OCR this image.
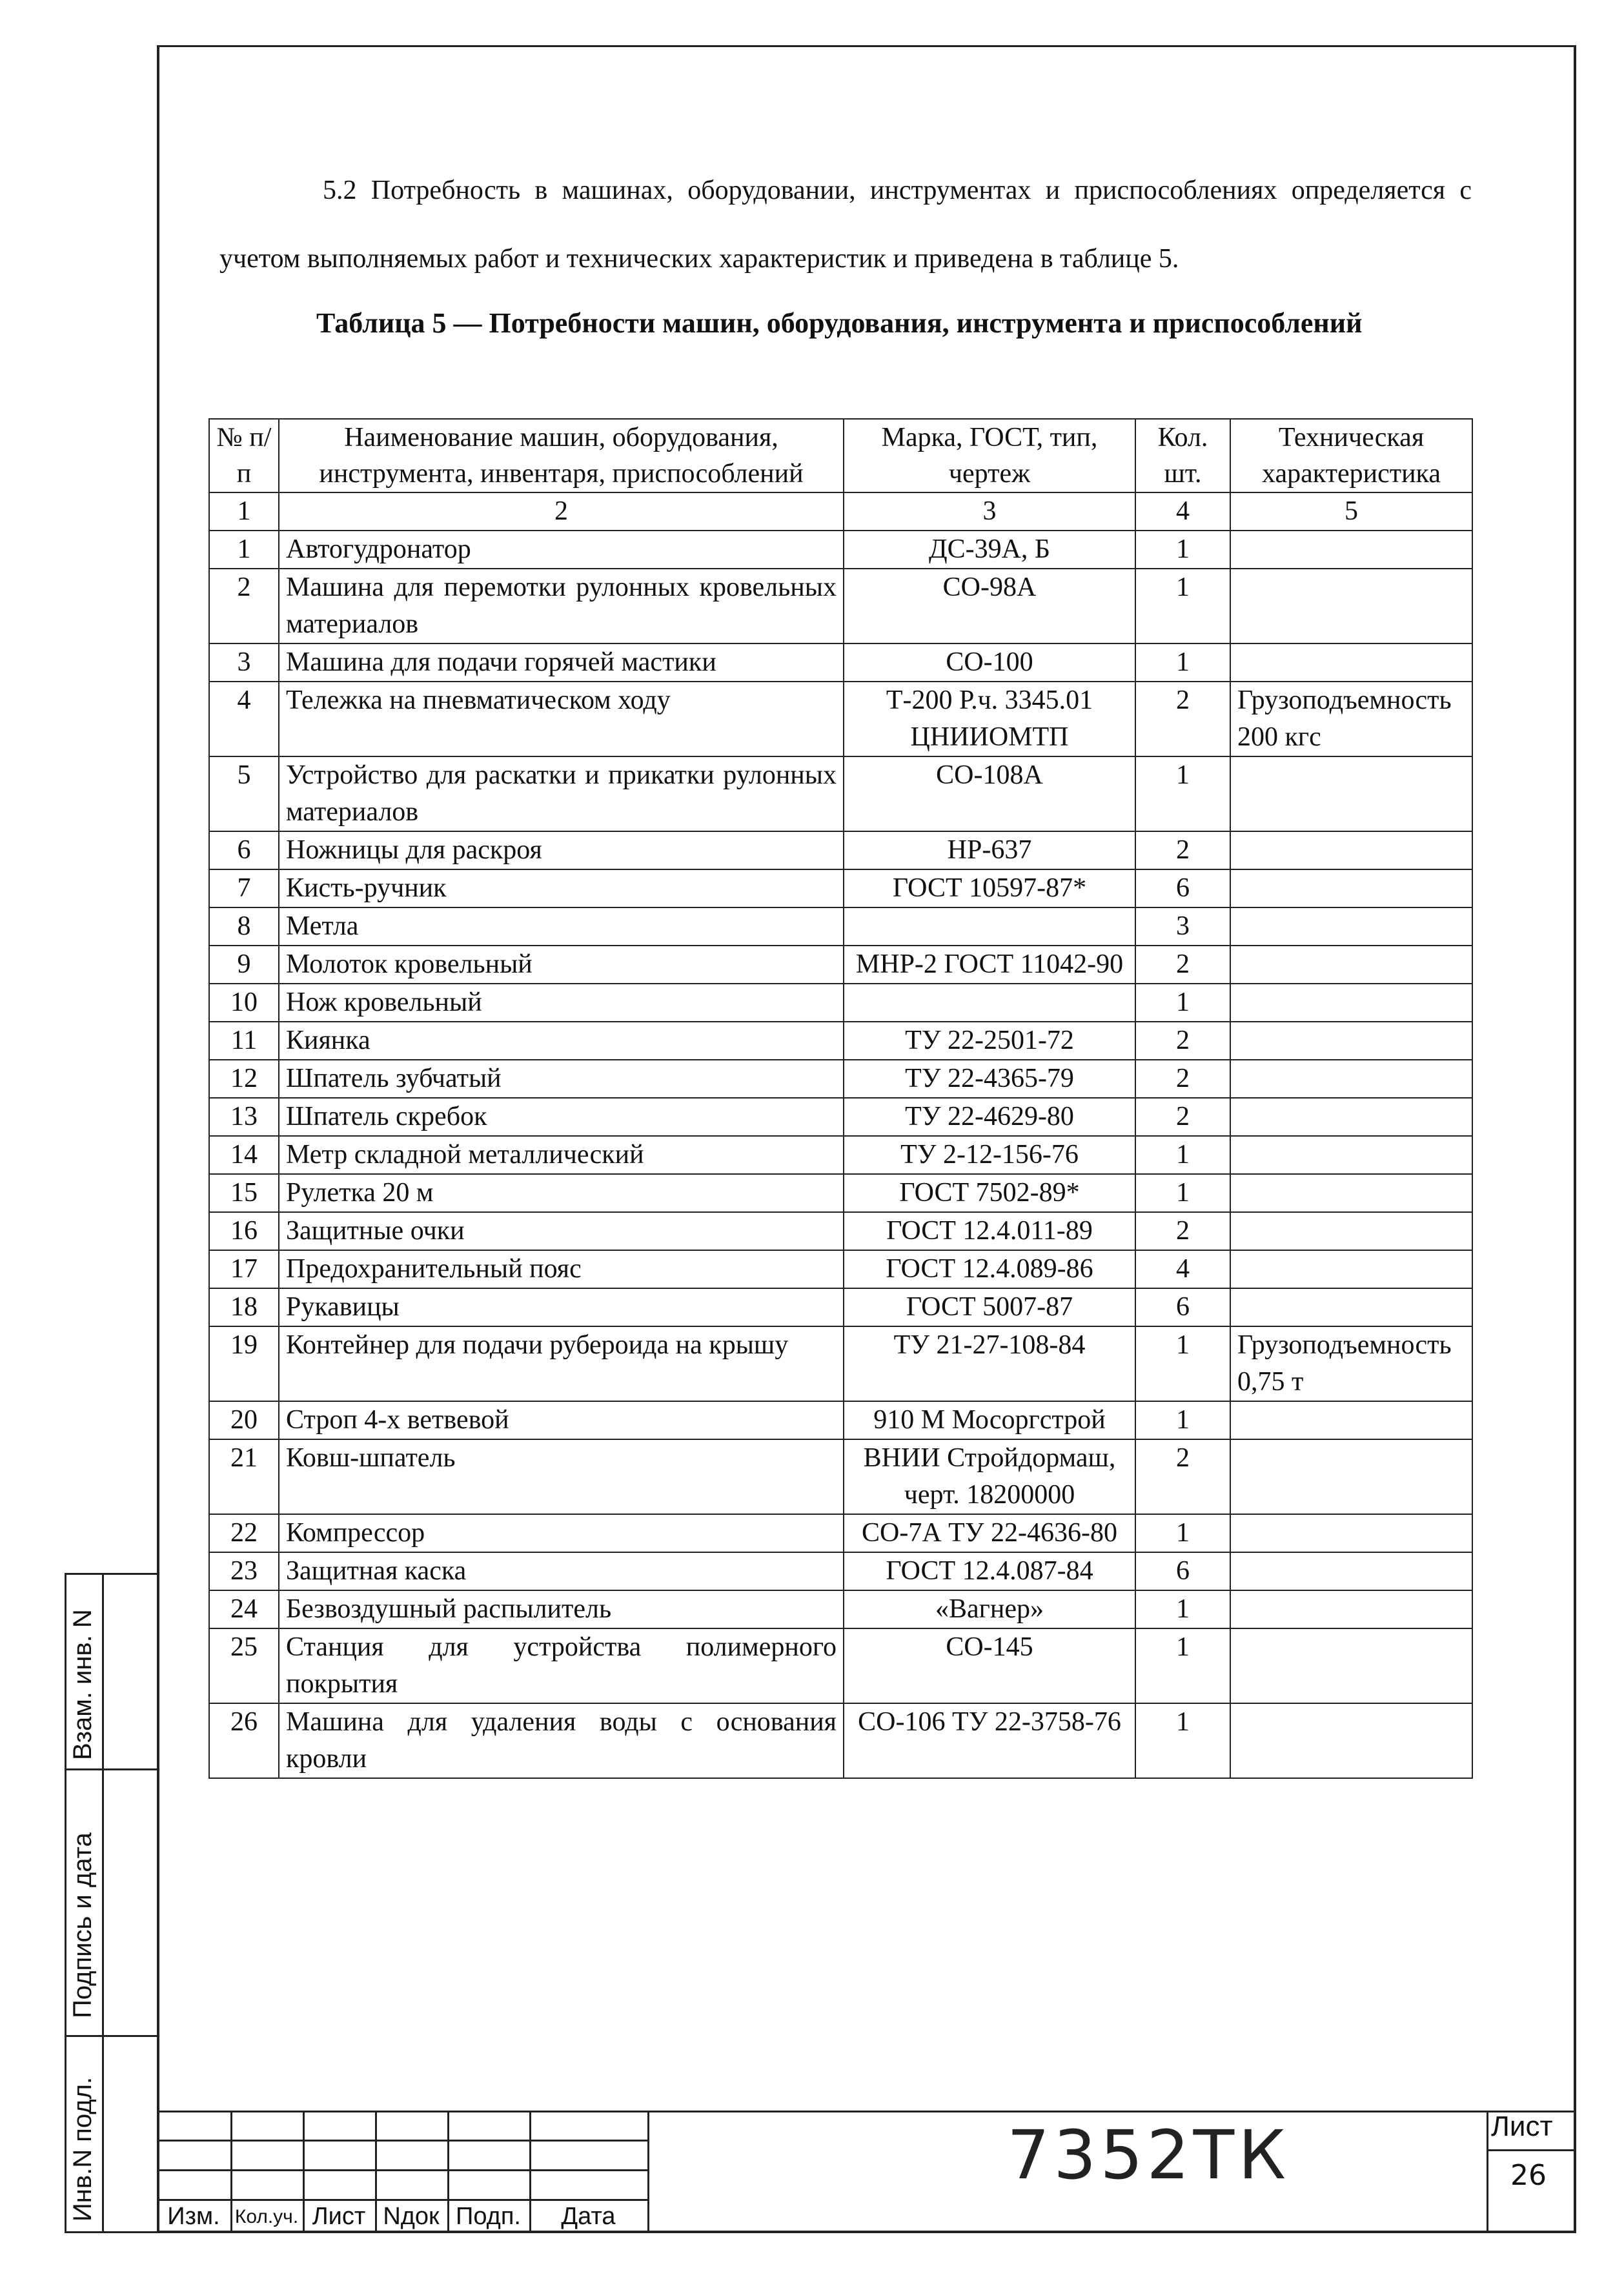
5.2 Потребность в машинах, оборудовании, инструментах и приспособлениях определяется с учетом выполняемых работ и технических характеристик и приведена в таблице 5.

Таблица 5 — Потребности машин, оборудования, инструмента и приспособлений
№ п/п	Наименование машин, оборудования, инструмента, инвентаря, приспособлений	Марка, ГОСТ, тип, чертеж	Кол. шт.	Техническая характеристика
1	2	3	4	5
1	Автогудронатор	ДС-39А, Б	1	
2	Машина для перемотки рулонных кровельных материалов	СО-98А	1	
3	Машина для подачи горячей мастики	СО-100	1	
4	Тележка на пневматическом ходу	Т-200 Р.ч. 3345.01 ЦНИИОМТП	2	Грузоподъемность 200 кгс
5	Устройство для раскатки и прикатки рулонных материалов	СО-108А	1	
6	Ножницы для раскроя	НР-637	2	
7	Кисть-ручник	ГОСТ 10597-87*	6	
8	Метла		3	
9	Молоток кровельный	МНР-2 ГОСТ 11042-90	2	
10	Нож кровельный		1	
11	Киянка	ТУ 22-2501-72	2	
12	Шпатель зубчатый	ТУ 22-4365-79	2	
13	Шпатель скребок	ТУ 22-4629-80	2	
14	Метр складной металлический	ТУ 2-12-156-76	1	
15	Рулетка 20 м	ГОСТ 7502-89*	1	
16	Защитные очки	ГОСТ 12.4.011-89	2	
17	Предохранительный пояс	ГОСТ 12.4.089-86	4	
18	Рукавицы	ГОСТ 5007-87	6	
19	Контейнер для подачи рубероида на крышу	ТУ 21-27-108-84	1	Грузоподъемность 0,75 т
20	Строп 4-х ветвевой	910 М Мосоргстрой	1	
21	Ковш-шпатель	ВНИИ Стройдормаш, черт. 18200000	2	
22	Компрессор	СО-7А ТУ 22-4636-80	1	
23	Защитная каска	ГОСТ 12.4.087-84	6	
24	Безвоздушный распылитель	«Вагнер»	1	
25	Станция для устройства полимерного покрытия	СО-145	1	
26	Машина для удаления воды с основания кровли	СО-106 ТУ 22-3758-76	1	
Взам. инв. N
Подпись и дата
Инв.N подл.	Изм. Кол.уч. Лист Nдок Подп.	Дата
7352ТК	Лист
26
